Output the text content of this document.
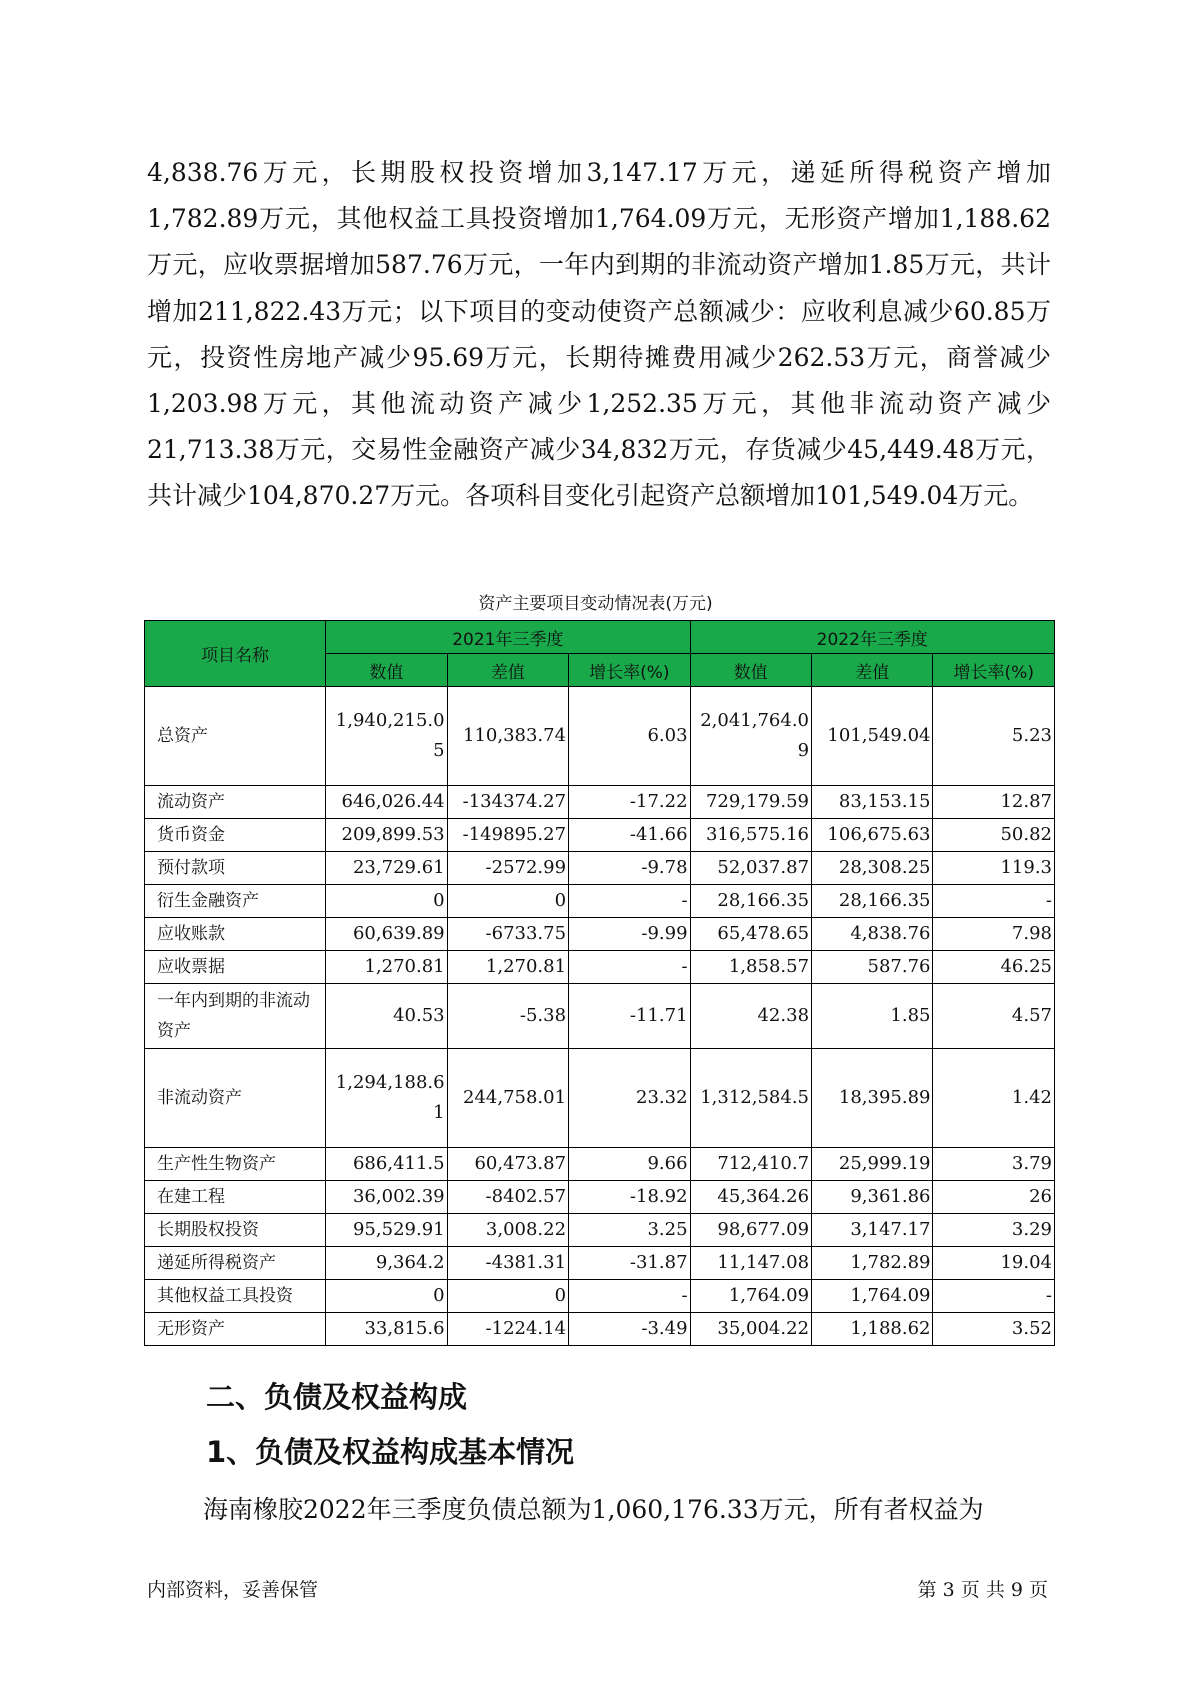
4,838.76万元，长期股权投资增加3,147.17万元，递延所得税资产增加1,782.89万元，其他权益工具投资增加1,764.09万元，无形资产增加1,188.62万元，应收票据增加587.76万元，一年内到期的非流动资产增加1.85万元，共计增加211,822.43万元；以下项目的变动使资产总额减少：应收利息减少60.85万元，投资性房地产减少95.69万元，长期待摊费用减少262.53万元，商誉减少1,203.98万元，其他流动资产减少1,252.35万元，其他非流动资产减少21,713.38万元，交易性金融资产减少34,832万元，存货减少45,449.48万元，共计减少104,870.27万元。各项科目变化引起资产总额增加101,549.04万元。
资产主要项目变动情况表(万元)
项目名称	2021年三季度			2022年三季度		
	数值	差值	增长率(%)	数值	差值	增长率(%)
总资产	1,940,215.05	110,383.74	6.03	2,041,764.09	101,549.04	5.23
流动资产	646,026.44	-134374.27	-17.22	729,179.59	83,153.15	12.87
货币资金	209,899.53	-149895.27	-41.66	316,575.16	106,675.63	50.82
预付款项	23,729.61	-2572.99	-9.78	52,037.87	28,308.25	119.3
衍生金融资产	0	0	-	28,166.35	28,166.35	-
应收账款	60,639.89	-6733.75	-9.99	65,478.65	4,838.76	7.98
应收票据	1,270.81	1,270.81	-	1,858.57	587.76	46.25
一年内到期的非流动资产	40.53	-5.38	-11.71	42.38	1.85	4.57
非流动资产	1,294,188.61	244,758.01	23.32	1,312,584.5	18,395.89	1.42
生产性生物资产	686,411.5	60,473.87	9.66	712,410.7	25,999.19	3.79
在建工程	36,002.39	-8402.57	-18.92	45,364.26	9,361.86	26
长期股权投资	95,529.91	3,008.22	3.25	98,677.09	3,147.17	3.29
递延所得税资产	9,364.2	-4381.31	-31.87	11,147.08	1,782.89	19.04
其他权益工具投资	0	0	-	1,764.09	1,764.09	-
无形资产	33,815.6	-1224.14	-3.49	35,004.22	1,188.62	3.52
二、负债及权益构成
1、负债及权益构成基本情况
海南橡胶2022年三季度负债总额为1,060,176.33万元，所有者权益为
内部资料，妥善保管	第 3 页 共 9 页
